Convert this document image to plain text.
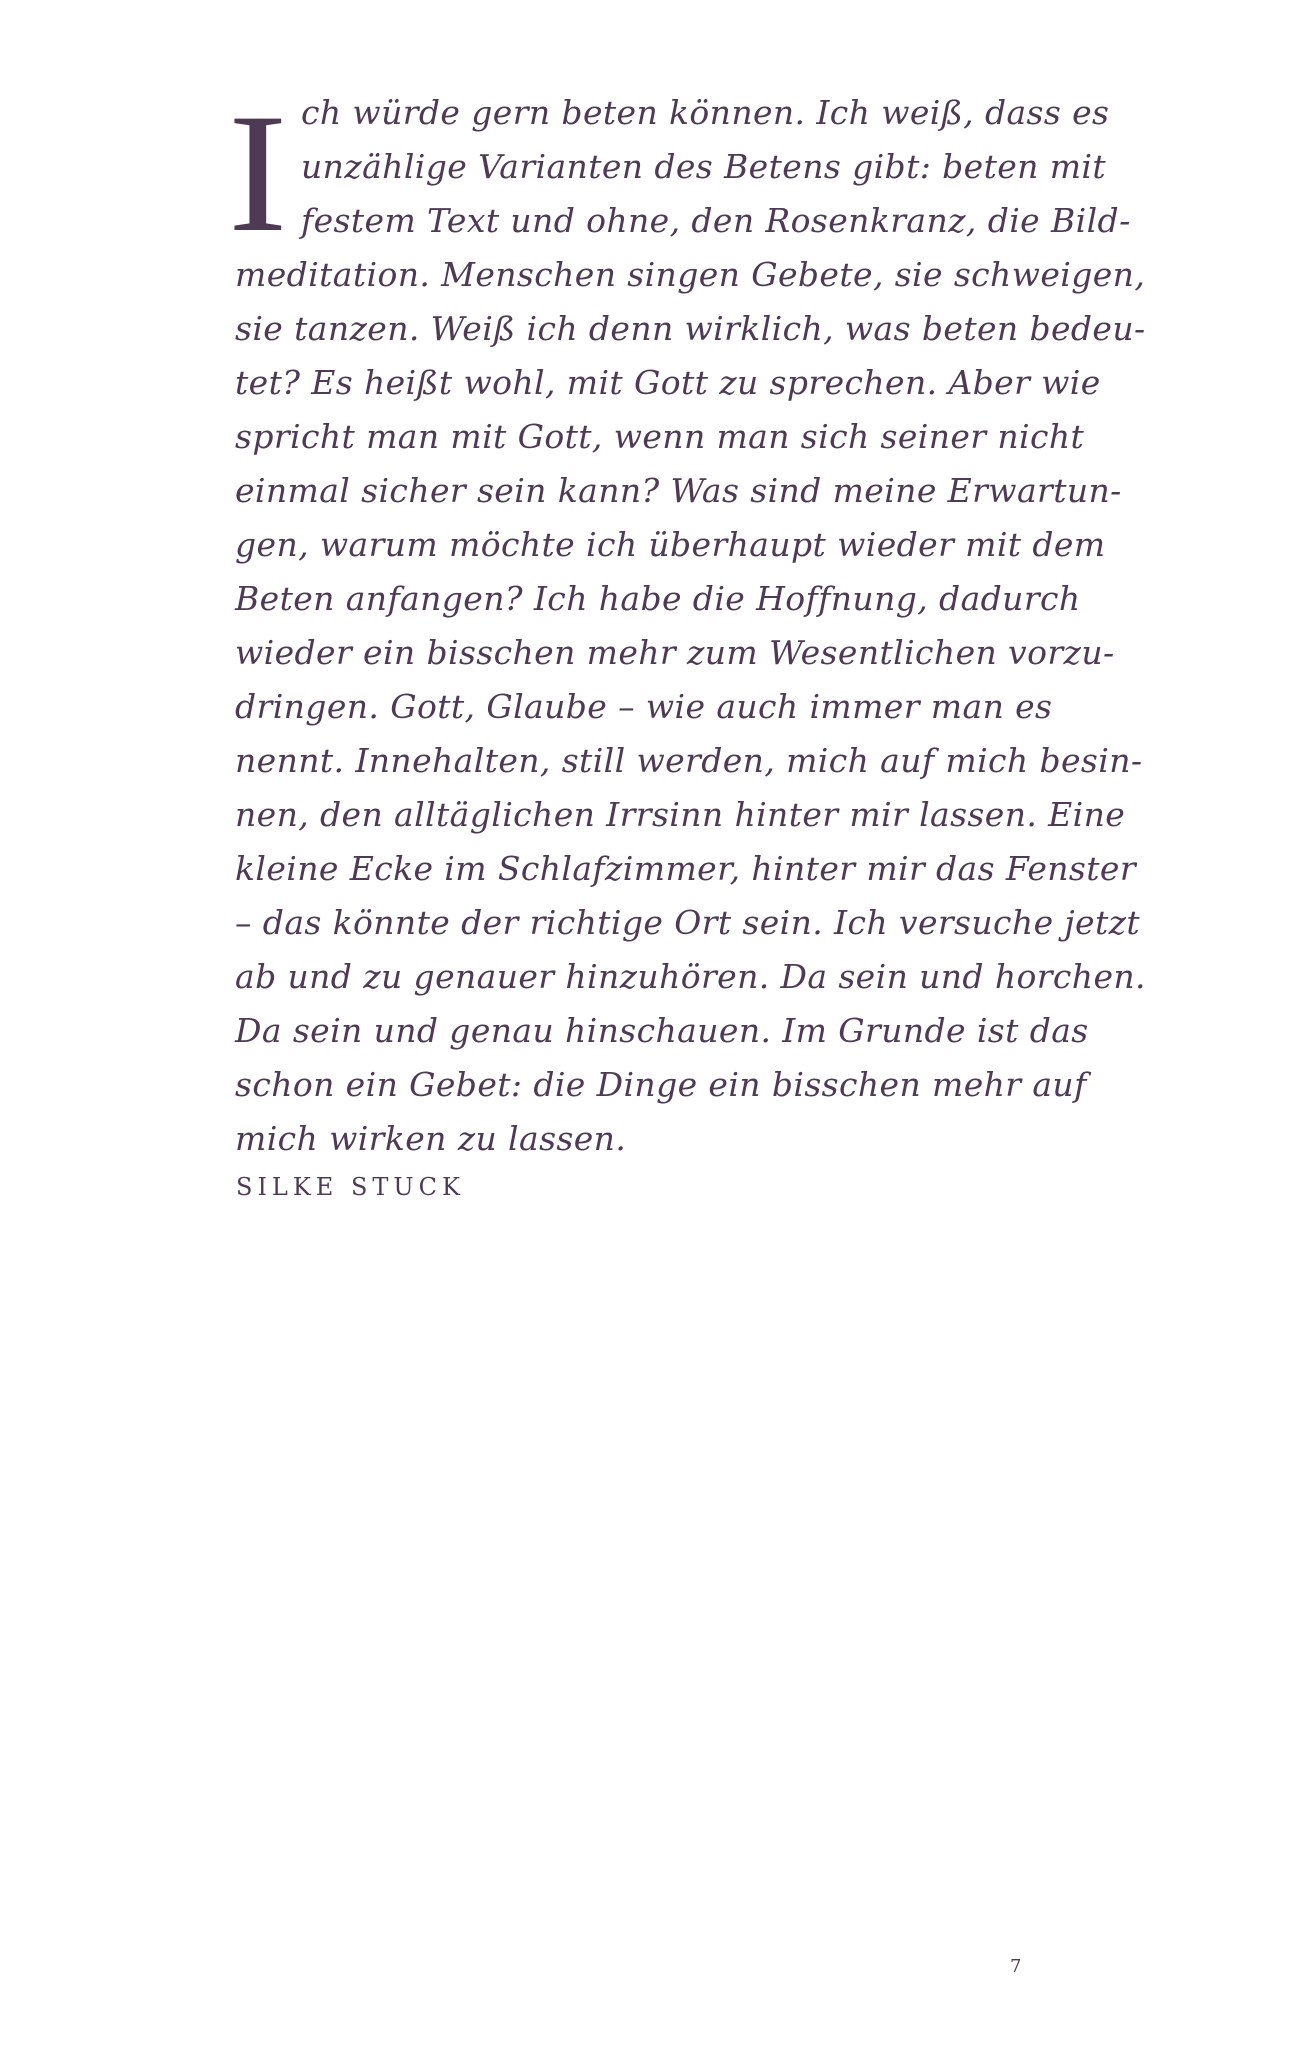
I ch würde gern beten können. Ich weiß, dass es
unzählige Varianten des Betens gibt: beten mit
festem Text und ohne, den Rosenkranz, die Bild-
meditation. Menschen singen Gebete, sie schweigen,
sie tanzen. Weiß ich denn wirklich, was beten bedeu-
tet? Es heißt wohl, mit Gott zu sprechen. Aber wie
spricht man mit Gott, wenn man sich seiner nicht
einmal sicher sein kann? Was sind meine Erwartun-
gen, warum möchte ich überhaupt wieder mit dem
Beten anfangen? Ich habe die Hoffnung, dadurch
wieder ein bisschen mehr zum Wesentlichen vorzu-
dringen. Gott, Glaube – wie auch immer man es
nennt. Innehalten, still werden, mich auf mich besin-
nen, den alltäglichen Irrsinn hinter mir lassen. Eine
kleine Ecke im Schlafzimmer, hinter mir das Fenster
– das könnte der richtige Ort sein. Ich versuche jetzt
ab und zu genauer hinzuhören. Da sein und horchen.
Da sein und genau hinschauen. Im Grunde ist das
schon ein Gebet: die Dinge ein bisschen mehr auf
mich wirken zu lassen.
SILKE STUCK
7
